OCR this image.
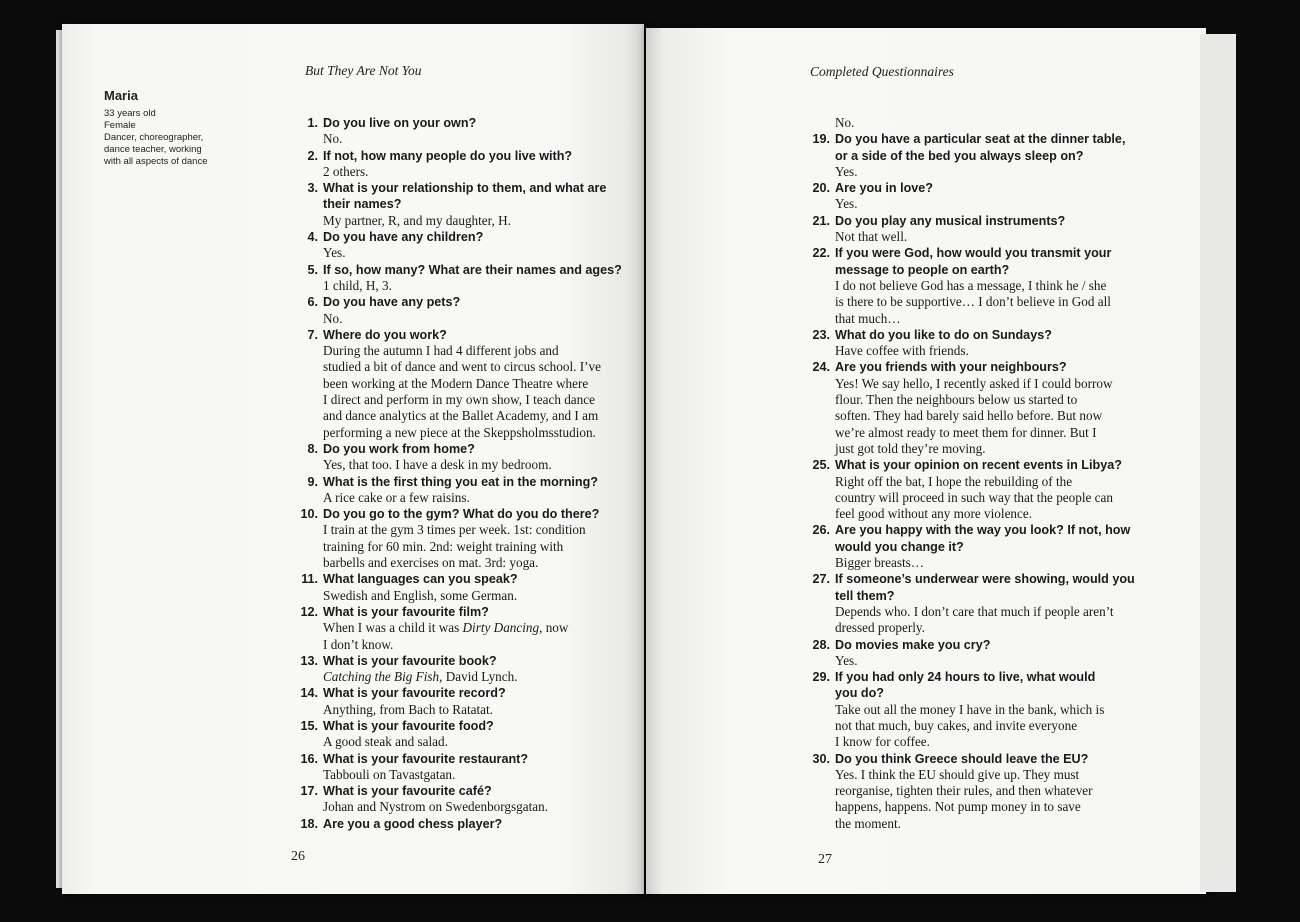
But They Are Not You	Completed Questionnaires
Maria
33 years old
Female
Dancer, choreographer,
dance teacher, working
with all aspects of dance
1. Do you live on your own?
No.
2. If not, how many people do you live with?
2 others.
3. What is your relationship to them, and what are
their names?
My partner, R, and my daughter, H.
4. Do you have any children?
Yes.
5. If so, how many? What are their names and ages?
1 child, H, 3.
6. Do you have any pets?
No.
7. Where do you work?
During the autumn I had 4 different jobs and
studied a bit of dance and went to circus school. I’ve
been working at the Modern Dance Theatre where
I direct and perform in my own show, I teach dance
and dance analytics at the Ballet Academy, and I am
performing a new piece at the Skeppsholmsstudion.
8. Do you work from home?
Yes, that too. I have a desk in my bedroom.
9. What is the first thing you eat in the morning?
A rice cake or a few raisins.
10. Do you go to the gym? What do you do there?
I train at the gym 3 times per week. 1st: condition
training for 60 min. 2nd: weight training with
barbells and exercises on mat. 3rd: yoga.
11. What languages can you speak?
Swedish and English, some German.
12. What is your favourite film?
When I was a child it was Dirty Dancing, now
I don’t know.
13. What is your favourite book?
Catching the Big Fish, David Lynch.
14. What is your favourite record?
Anything, from Bach to Ratatat.
15. What is your favourite food?
A good steak and salad.
16. What is your favourite restaurant?
Tabbouli on Tavastgatan.
17. What is your favourite café?
Johan and Nystrom on Swedenborgsgatan.
18. Are you a good chess player?
No.
19. Do you have a particular seat at the dinner table,
or a side of the bed you always sleep on?
Yes.
20. Are you in love?
Yes.
21. Do you play any musical instruments?
Not that well.
22. If you were God, how would you transmit your
message to people on earth?
I do not believe God has a message, I think he / she
is there to be supportive… I don’t believe in God all
that much…
23. What do you like to do on Sundays?
Have coffee with friends.
24. Are you friends with your neighbours?
Yes! We say hello, I recently asked if I could borrow
flour. Then the neighbours below us started to
soften. They had barely said hello before. But now
we’re almost ready to meet them for dinner. But I
just got told they’re moving.
25. What is your opinion on recent events in Libya?
Right off the bat, I hope the rebuilding of the
country will proceed in such way that the people can
feel good without any more violence.
26. Are you happy with the way you look? If not, how
would you change it?
Bigger breasts…
27. If someone’s underwear were showing, would you
tell them?
Depends who. I don’t care that much if people aren’t
dressed properly.
28. Do movies make you cry?
Yes.
29. If you had only 24 hours to live, what would
you do?
Take out all the money I have in the bank, which is
not that much, buy cakes, and invite everyone
I know for coffee.
30. Do you think Greece should leave the EU?
Yes. I think the EU should give up. They must
reorganise, tighten their rules, and then whatever
happens, happens. Not pump money in to save
the moment.
26	27
